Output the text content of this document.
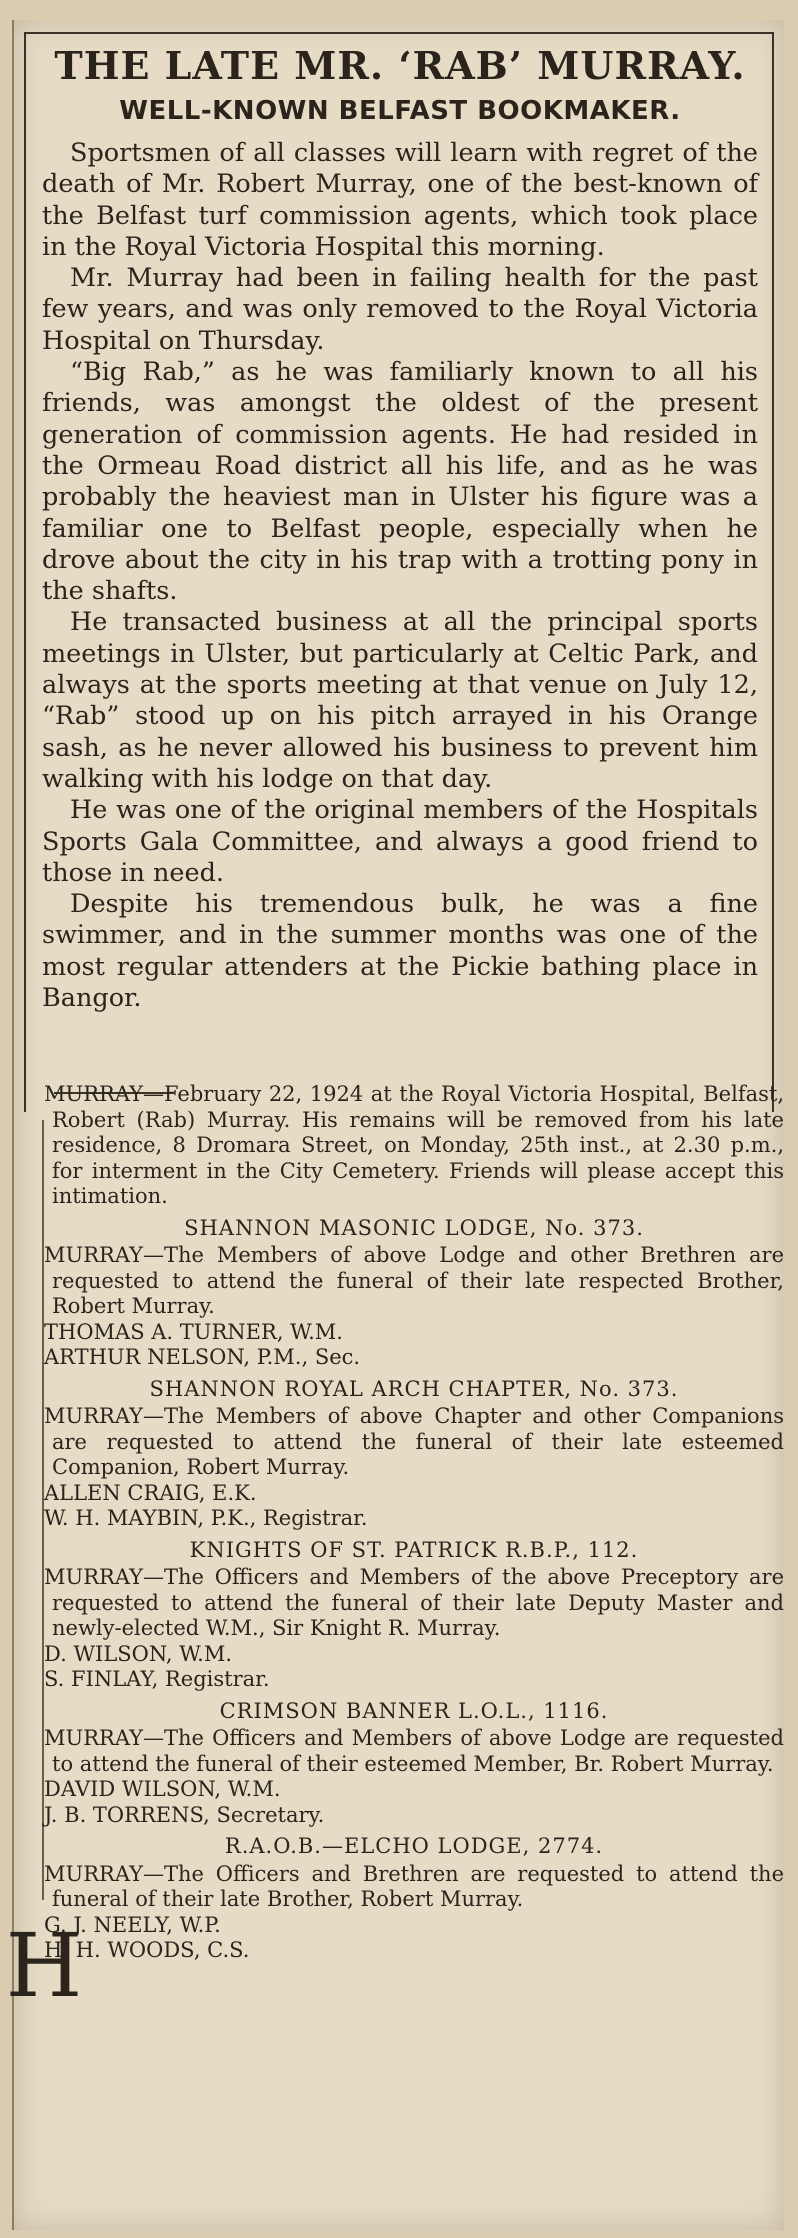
THE LATE MR. ‘RAB’ MURRAY.
WELL-KNOWN BELFAST BOOKMAKER.

Sportsmen of all classes will learn with regret of the death of Mr. Robert Murray, one of the best-known of the Belfast turf commission agents, which took place in the Royal Victoria Hospital this morning.

Mr. Murray had been in failing health for the past few years, and was only removed to the Royal Victoria Hospital on Thursday.

“Big Rab,” as he was familiarly known to all his friends, was amongst the oldest of the present generation of commission agents. He had resided in the Ormeau Road district all his life, and as he was probably the heaviest man in Ulster his figure was a familiar one to Belfast people, especially when he drove about the city in his trap with a trotting pony in the shafts.

He transacted business at all the principal sports meetings in Ulster, but particularly at Celtic Park, and always at the sports meeting at that venue on July 12, “Rab” stood up on his pitch arrayed in his Orange sash, as he never allowed his business to prevent him walking with his lodge on that day.

He was one of the original members of the Hospitals Sports Gala Committee, and always a good friend to those in need.

Despite his tremendous bulk, he was a fine swimmer, and in the summer months was one of the most regular attenders at the Pickie bathing place in Bangor.

H

MURRAY—February 22, 1924 at the Royal Victoria Hospital, Belfast, Robert (Rab) Murray. His remains will be removed from his late residence, 8 Dromara Street, on Monday, 25th inst., at 2.30 p.m., for interment in the City Cemetery. Friends will please accept this intimation.

SHANNON MASONIC LODGE, No. 373.

MURRAY—The Members of above Lodge and other Brethren are requested to attend the funeral of their late respected Brother, Robert Murray.

THOMAS A. TURNER, W.M.

ARTHUR NELSON, P.M., Sec.

SHANNON ROYAL ARCH CHAPTER, No. 373.

MURRAY—The Members of above Chapter and other Companions are requested to attend the funeral of their late esteemed Companion, Robert Murray.

ALLEN CRAIG, E.K.

W. H. MAYBIN, P.K., Registrar.

KNIGHTS OF ST. PATRICK R.B.P., 112.

MURRAY—The Officers and Members of the above Preceptory are requested to attend the funeral of their late Deputy Master and newly-elected W.M., Sir Knight R. Murray.

D. WILSON, W.M.

S. FINLAY, Registrar.

CRIMSON BANNER L.O.L., 1116.

MURRAY—The Officers and Members of above Lodge are requested to attend the funeral of their esteemed Member, Br. Robert Murray.

DAVID WILSON, W.M.

J. B. TORRENS, Secretary.

R.A.O.B.—ELCHO LODGE, 2774.

MURRAY—The Officers and Brethren are requested to attend the funeral of their late Brother, Robert Murray.

G. J. NEELY, W.P.

H. H. WOODS, C.S.
